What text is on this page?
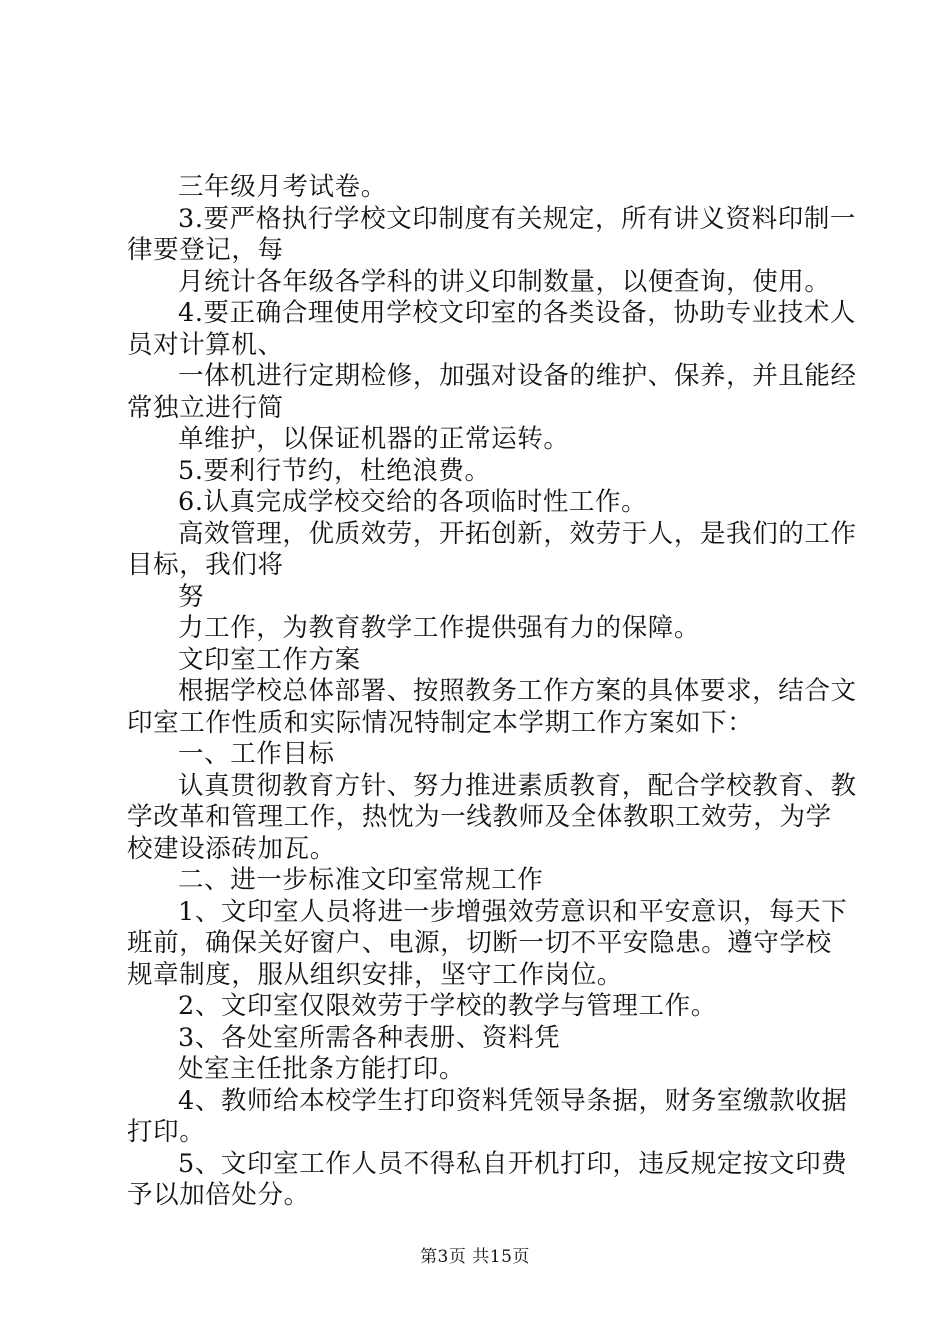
三年级月考试卷。
3.要严格执行学校文印制度有关规定，所有讲义资料印制一
律要登记，每
月统计各年级各学科的讲义印制数量，以便查询，使用。
4.要正确合理使用学校文印室的各类设备，协助专业技术人
员对计算机、
一体机进行定期检修，加强对设备的维护、保养，并且能经
常独立进行简
单维护，以保证机器的正常运转。
5.要利行节约，杜绝浪费。
6.认真完成学校交给的各项临时性工作。
高效管理，优质效劳，开拓创新，效劳于人，是我们的工作
目标，我们将
努
力工作，为教育教学工作提供强有力的保障。
文印室工作方案
根据学校总体部署、按照教务工作方案的具体要求，结合文
印室工作性质和实际情况特制定本学期工作方案如下：
一、工作目标
认真贯彻教育方针、努力推进素质教育，配合学校教育、教
学改革和管理工作，热忱为一线教师及全体教职工效劳，为学
校建设添砖加瓦。
二、进一步标准文印室常规工作
1、文印室人员将进一步增强效劳意识和平安意识，每天下
班前，确保关好窗户、电源，切断一切不平安隐患。遵守学校
规章制度，服从组织安排，坚守工作岗位。
2、文印室仅限效劳于学校的教学与管理工作。
3、各处室所需各种表册、资料凭
处室主任批条方能打印。
4、教师给本校学生打印资料凭领导条据，财务室缴款收据
打印。
5、文印室工作人员不得私自开机打印，违反规定按文印费
予以加倍处分。
第3页 共15页
